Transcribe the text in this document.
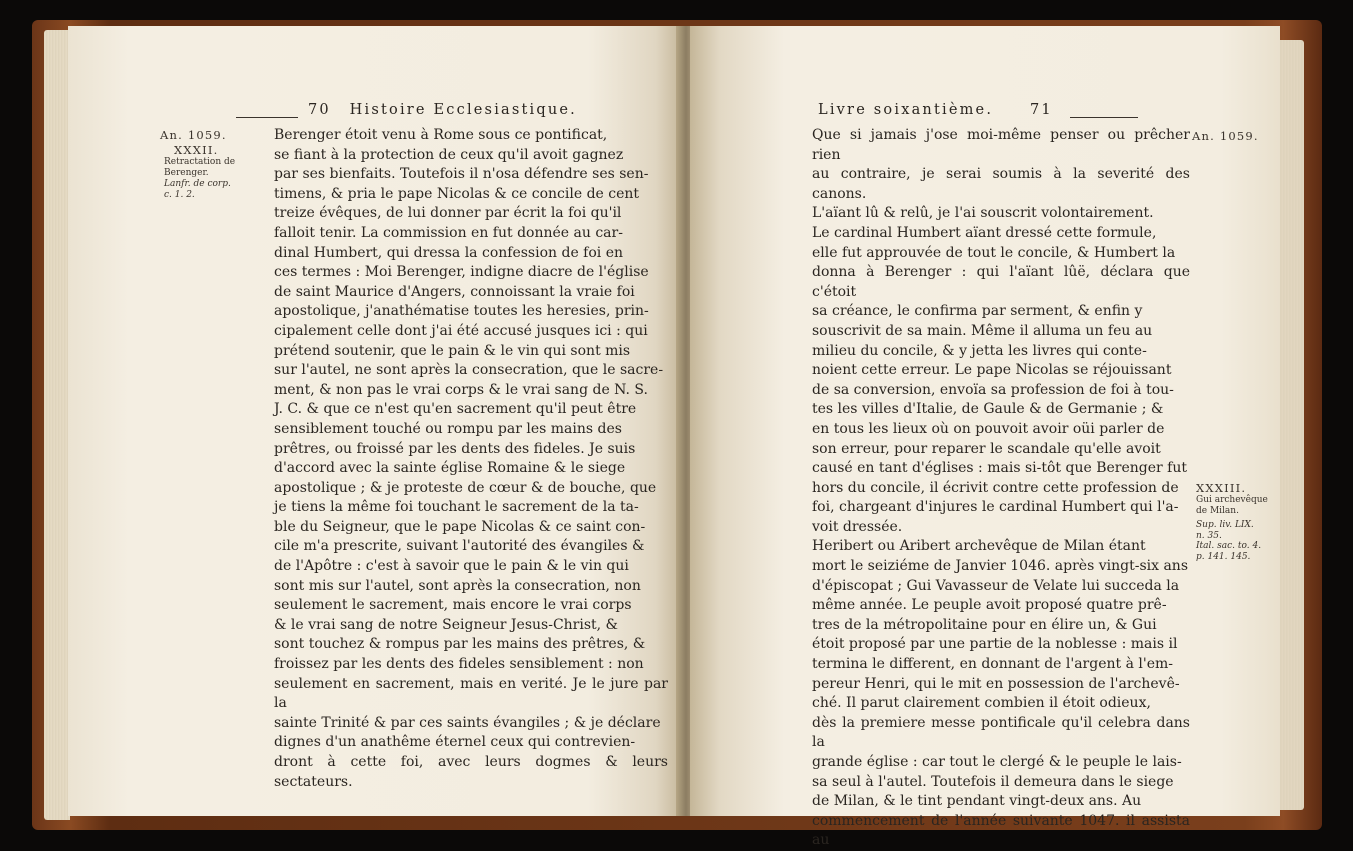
70 Histoire Ecclesiastique.
An. 1059.
XXXII.
Retractation de
Berenger.
Lanfr. de corp.
c. 1. 2.
Berenger étoit venu à Rome sous ce pontificat,
se fiant à la protection de ceux qu'il avoit gagnez
par ses bienfaits. Toutefois il n'osa défendre ses sen-
timens, & pria le pape Nicolas & ce concile de cent
treize évêques, de lui donner par écrit la foi qu'il
falloit tenir. La commission en fut donnée au car-
dinal Humbert, qui dressa la confession de foi en
ces termes : Moi Berenger, indigne diacre de l'église
de saint Maurice d'Angers, connoissant la vraie foi
apostolique, j'anathématise toutes les heresies, prin-
cipalement celle dont j'ai été accusé jusques ici : qui
prétend soutenir, que le pain & le vin qui sont mis
sur l'autel, ne sont après la consecration, que le sacre-
ment, & non pas le vrai corps & le vrai sang de N. S.
J. C. & que ce n'est qu'en sacrement qu'il peut être
sensiblement touché ou rompu par les mains des
prêtres, ou froissé par les dents des fideles. Je suis
d'accord avec la sainte église Romaine & le siege
apostolique ; & je proteste de cœur & de bouche, que
je tiens la même foi touchant le sacrement de la ta-
ble du Seigneur, que le pape Nicolas & ce saint con-
cile m'a prescrite, suivant l'autorité des évangiles &
de l'Apôtre : c'est à savoir que le pain & le vin qui
sont mis sur l'autel, sont après la consecration, non
seulement le sacrement, mais encore le vrai corps
& le vrai sang de notre Seigneur Jesus-Christ, &
sont touchez & rompus par les mains des prêtres, &
froissez par les dents des fideles sensiblement : non
seulement en sacrement, mais en verité. Je le jure par la
sainte Trinité & par ces saints évangiles ; & je déclare
dignes d'un anathême éternel ceux qui contrevien-
dront à cette foi, avec leurs dogmes & leurs sectateurs.
Livre soixantième.	71
Que si jamais j'ose moi-même penser ou prêcher rien
au contraire, je serai soumis à la severité des canons.
L'aïant lû & relû, je l'ai souscrit volontairement.
Le cardinal Humbert aïant dressé cette formule,
elle fut approuvée de tout le concile, & Humbert la
donna à Berenger : qui l'aïant lûë, déclara que c'étoit
sa créance, le confirma par serment, & enfin y
souscrivit de sa main. Même il alluma un feu au
milieu du concile, & y jetta les livres qui conte-
noient cette erreur. Le pape Nicolas se réjouissant
de sa conversion, envoïa sa profession de foi à tou-
tes les villes d'Italie, de Gaule & de Germanie ; &
en tous les lieux où on pouvoit avoir oüi parler de
son erreur, pour reparer le scandale qu'elle avoit
causé en tant d'églises : mais si-tôt que Berenger fut
hors du concile, il écrivit contre cette profession de
foi, chargeant d'injures le cardinal Humbert qui l'a-
voit dressée.
Heribert ou Aribert archevêque de Milan étant
mort le seiziéme de Janvier 1046. après vingt-six ans
d'épiscopat ; Gui Vavasseur de Velate lui succeda la
même année. Le peuple avoit proposé quatre prê-
tres de la métropolitaine pour en élire un, & Gui
étoit proposé par une partie de la noblesse : mais il
termina le different, en donnant de l'argent à l'em-
pereur Henri, qui le mit en possession de l'archevê-
ché. Il parut clairement combien il étoit odieux,
dès la premiere messe pontificale qu'il celebra dans la
grande église : car tout le clergé & le peuple le lais-
sa seul à l'autel. Toutefois il demeura dans le siege
de Milan, & le tint pendant vingt-deux ans. Au
commencement de l'année suivante 1047. il assista au
An. 1059.
XXXIII.
Gui archevêque
de Milan.
Sup. liv. LIX.
n. 35.
Ital. sac. to. 4.
p. 141. 145.
